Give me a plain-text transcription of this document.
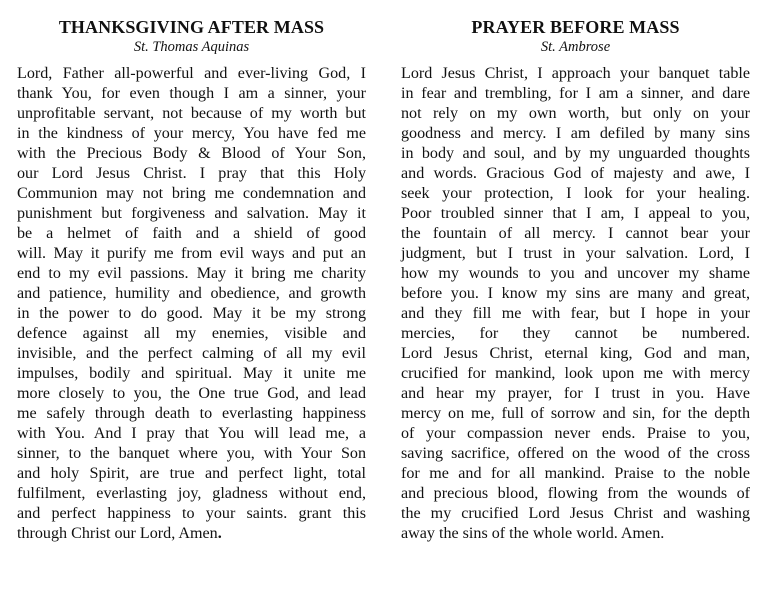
THANKSGIVING AFTER MASS
St. Thomas Aquinas
Lord, Father all-powerful and ever-living God, I
thank You, for even though I am a sinner, your
unprofitable servant, not because of my worth but
in the kindness of your mercy, You have fed me
with the Precious Body & Blood of Your Son,
our Lord Jesus Christ. I pray that this Holy
Communion may not bring me condemnation and
punishment but forgiveness and salvation. May it
be a helmet of faith and a shield of good
will. May it purify me from evil ways and put an
end to my evil passions. May it bring me charity
and patience, humility and obedience, and growth
in the power to do good. May it be my strong
defence against all my enemies, visible and
invisible, and the perfect calming of all my evil
impulses, bodily and spiritual. May it unite me
more closely to you, the One true God, and lead
me safely through death to everlasting happiness
with You. And I pray that You will lead me, a
sinner, to the banquet where you, with Your Son
and holy Spirit, are true and perfect light, total
fulfilment, everlasting joy, gladness without end,
and perfect happiness to your saints. grant this
through Christ our Lord, Amen.
PRAYER BEFORE MASS
St. Ambrose
Lord Jesus Christ, I approach your banquet table
in fear and trembling, for I am a sinner, and dare
not rely on my own worth, but only on your
goodness and mercy. I am defiled by many sins
in body and soul, and by my unguarded thoughts
and words. Gracious God of majesty and awe, I
seek your protection, I look for your healing.
Poor troubled sinner that I am, I appeal to you,
the fountain of all mercy. I cannot bear your
judgment, but I trust in your salvation. Lord, I
how my wounds to you and uncover my shame
before you. I know my sins are many and great,
and they fill me with fear, but I hope in your
mercies, for they cannot be numbered.
Lord Jesus Christ, eternal king, God and man,
crucified for mankind, look upon me with mercy
and hear my prayer, for I trust in you. Have
mercy on me, full of sorrow and sin, for the depth
of your compassion never ends. Praise to you,
saving sacrifice, offered on the wood of the cross
for me and for all mankind. Praise to the noble
and precious blood, flowing from the wounds of
the my crucified Lord Jesus Christ and washing
away the sins of the whole world. Amen.
